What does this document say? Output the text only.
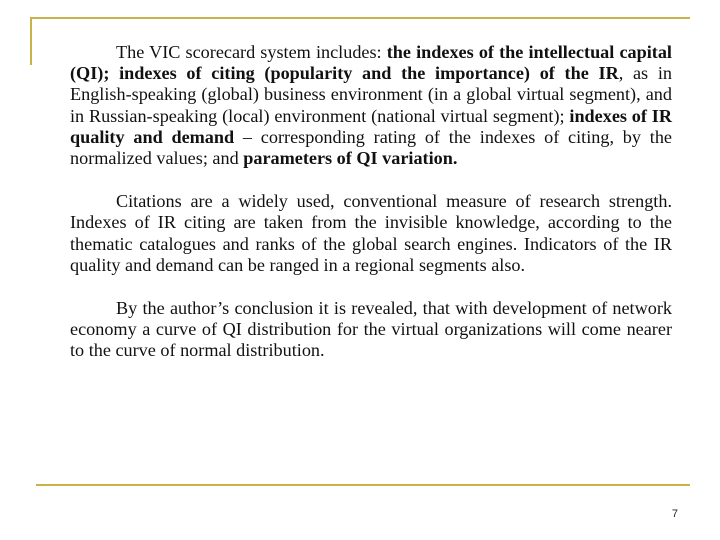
The VIC scorecard system includes: the indexes of the intellectual capital (QI); indexes of citing (popularity and the importance) of the IR, as in English-speaking (global) business environment (in a global virtual segment), and in Russian-speaking (local) environment (national virtual segment); indexes of IR quality and demand – corresponding rating of the indexes of citing, by the normalized values; and parameters of QI variation.

Citations are a widely used, conventional measure of research strength. Indexes of IR citing are taken from the invisible knowledge, according to the thematic catalogues and ranks of the global search engines. Indicators of the IR quality and demand can be ranged in a regional segments also.

By the author’s conclusion it is revealed, that with development of network economy a curve of QI distribution for the virtual organizations will come nearer to the curve of normal distribution.

7
